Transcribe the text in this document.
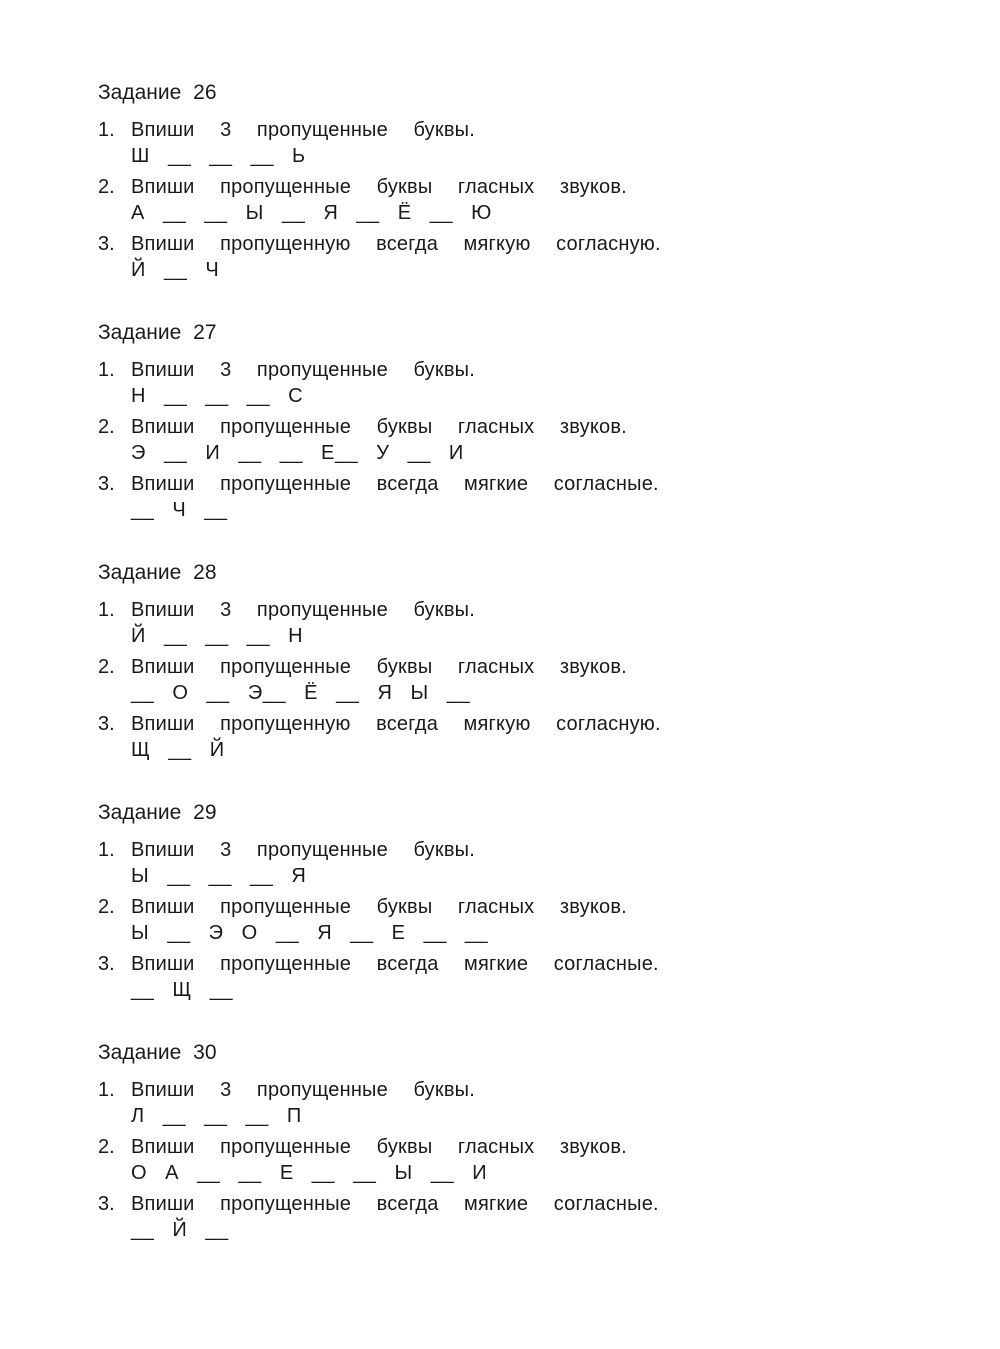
Задание 26
1. Впиши  3  пропущенные  буквы.
Ш  __  __  __  Ь
2. Впиши  пропущенные  буквы  гласных  звуков.
А  __  __  Ы  __  Я  __  Ё  __  Ю
3. Впиши  пропущенную  всегда  мягкую  согласную.
Й  __  Ч
Задание 27
1. Впиши  3  пропущенные  буквы.
Н  __  __  __  С
2. Впиши  пропущенные  буквы  гласных  звуков.
Э  __  И  __  __  Е__  У  __  И
3. Впиши  пропущенные  всегда  мягкие  согласные.
__  Ч  __
Задание 28
1. Впиши  3  пропущенные  буквы.
Й  __  __  __  Н
2. Впиши  пропущенные  буквы  гласных  звуков.
__  О  __  Э__  Ё  __  Я  Ы  __
3. Впиши  пропущенную  всегда  мягкую  согласную.
Щ  __  Й
Задание 29
1. Впиши  3  пропущенные  буквы.
Ы  __  __  __  Я
2. Впиши  пропущенные  буквы  гласных  звуков.
Ы  __  Э  О  __  Я  __  Е  __  __
3. Впиши  пропущенные  всегда  мягкие  согласные.
__  Щ  __
Задание 30
1. Впиши  3  пропущенные  буквы.
Л  __  __  __  П
2. Впиши  пропущенные  буквы  гласных  звуков.
О  А  __  __  Е  __  __  Ы  __  И
3. Впиши  пропущенные  всегда  мягкие  согласные.
__  Й  __
